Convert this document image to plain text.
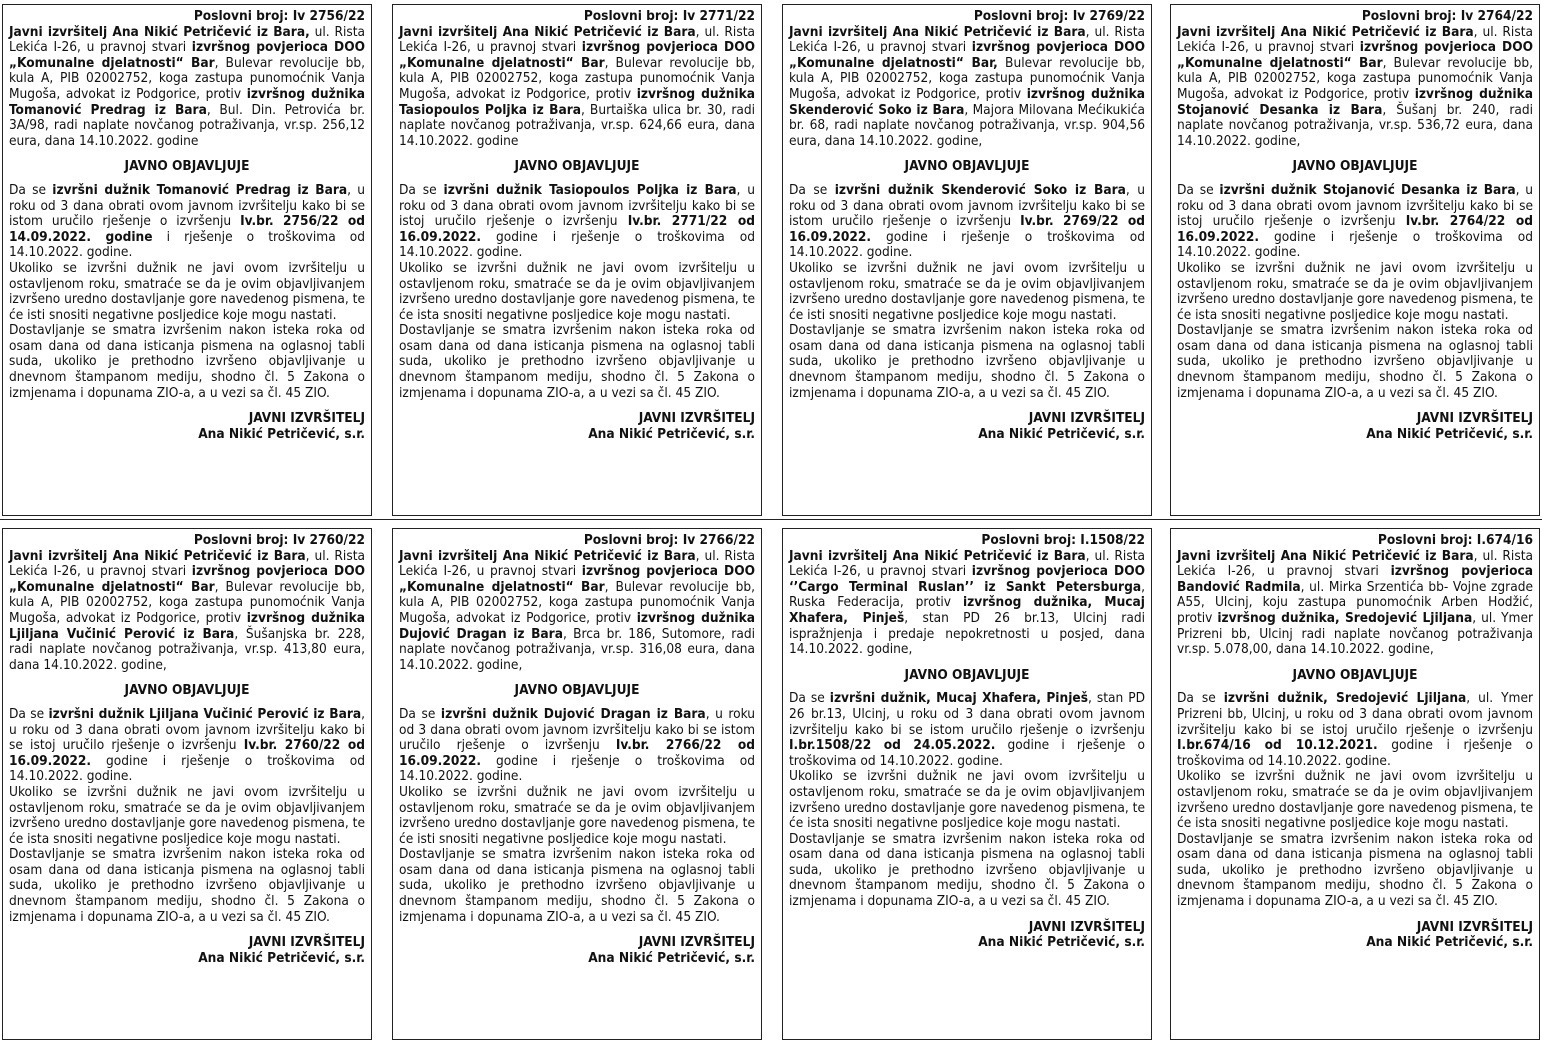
Poslovni broj: Iv 2756/22
Javni izvršitelj Ana Nikić Petričević iz Bara, ul. Rista Lekića I-26, u pravnoj stvari izvršnog povjerioca DOO „Komunalne djelatnosti“ Bar, Bulevar revolucije bb, kula A, PIB 02002752, koga zastupa punomoćnik Vanja Mugoša, advokat iz Podgorice, protiv izvršnog dužnika Tomanović Predrag iz Bara, Bul. Din. Petrovića br. 3A/98, radi naplate novčanog potraživanja, vr.sp. 256,12 eura, dana 14.10.2022. godine
JAVNO OBJAVLJUJE
Da se izvršni dužnik Tomanović Predrag iz Bara, u roku od 3 dana obrati ovom javnom izvršitelju kako bi se istom uručilo rješenje o izvršenju Iv.br. 2756/22 od 14.09.2022. godine i rješenje o troškovima od 14.10.2022. godine.
Ukoliko se izvršni dužnik ne javi ovom izvršitelju u ostavljenom roku, smatraće se da je ovim objavljivanjem izvršeno uredno dostavljanje gore navedenog pismena, te će isti snositi negativne posljedice koje mogu nastati.
Dostavljanje se smatra izvršenim nakon isteka roka od osam dana od dana isticanja pismena na oglasnoj tabli suda, ukoliko je prethodno izvršeno objavljivanje u dnevnom štampanom mediju, shodno čl. 5 Zakona o izmjenama i dopunama ZIO-a, a u vezi sa čl. 45 ZIO.
JAVNI IZVRŠITELJ
Ana Nikić Petričević, s.r.
Poslovni broj: Iv 2771/22
Javni izvršitelj Ana Nikić Petričević iz Bara, ul. Rista Lekića I-26, u pravnoj stvari izvršnog povjerioca DOO „Komunalne djelatnosti“ Bar, Bulevar revolucije bb, kula A, PIB 02002752, koga zastupa punomoćnik Vanja Mugoša, advokat iz Podgorice, protiv izvršnog dužnika Tasiopoulos Poljka iz Bara, Burtaiška ulica br. 30, radi naplate novčanog potraživanja, vr.sp. 624,66 eura, dana 14.10.2022. godine
JAVNO OBJAVLJUJE
Da se izvršni dužnik Tasiopoulos Poljka iz Bara, u roku od 3 dana obrati ovom javnom izvršitelju kako bi se istoj uručilo rješenje o izvršenju Iv.br. 2771/22 od 16.09.2022. godine i rješenje o troškovima od 14.10.2022. godine.
Ukoliko se izvršni dužnik ne javi ovom izvršitelju u ostavljenom roku, smatraće se da je ovim objavljivanjem izvršeno uredno dostavljanje gore navedenog pismena, te će ista snositi negativne posljedice koje mogu nastati.
Dostavljanje se smatra izvršenim nakon isteka roka od osam dana od dana isticanja pismena na oglasnoj tabli suda, ukoliko je prethodno izvršeno objavljivanje u dnevnom štampanom mediju, shodno čl. 5 Zakona o izmjenama i dopunama ZIO-a, a u vezi sa čl. 45 ZIO.
JAVNI IZVRŠITELJ
Ana Nikić Petričević, s.r.
Poslovni broj: Iv 2769/22
Javni izvršitelj Ana Nikić Petričević iz Bara, ul. Rista Lekića I-26, u pravnoj stvari izvršnog povjerioca DOO „Komunalne djelatnosti“ Bar, Bulevar revolucije bb, kula A, PIB 02002752, koga zastupa punomoćnik Vanja Mugoša, advokat iz Podgorice, protiv izvršnog dužnika Skenderović Soko iz Bara, Majora Milovana Mećikukića br. 68, radi naplate novčanog potraživanja, vr.sp. 904,56 eura, dana 14.10.2022. godine,
JAVNO OBJAVLJUJE
Da se izvršni dužnik Skenderović Soko iz Bara, u roku od 3 dana obrati ovom javnom izvršitelju kako bi se istom uručilo rješenje o izvršenju Iv.br. 2769/22 od 16.09.2022. godine i rješenje o troškovima od 14.10.2022. godine.
Ukoliko se izvršni dužnik ne javi ovom izvršitelju u ostavljenom roku, smatraće se da je ovim objavljivanjem izvršeno uredno dostavljanje gore navedenog pismena, te će isti snositi negativne posljedice koje mogu nastati.
Dostavljanje se smatra izvršenim nakon isteka roka od osam dana od dana isticanja pismena na oglasnoj tabli suda, ukoliko je prethodno izvršeno objavljivanje u dnevnom štampanom mediju, shodno čl. 5 Zakona o izmjenama i dopunama ZIO-a, a u vezi sa čl. 45 ZIO.
JAVNI IZVRŠITELJ
Ana Nikić Petričević, s.r.
Poslovni broj: Iv 2764/22
Javni izvršitelj Ana Nikić Petričević iz Bara, ul. Rista Lekića I-26, u pravnoj stvari izvršnog povjerioca DOO „Komunalne djelatnosti“ Bar, Bulevar revolucije bb, kula A, PIB 02002752, koga zastupa punomoćnik Vanja Mugoša, advokat iz Podgorice, protiv izvršnog dužnika Stojanović Desanka iz Bara, Šušanj br. 240, radi naplate novčanog potraživanja, vr.sp. 536,72 eura, dana 14.10.2022. godine,
JAVNO OBJAVLJUJE
Da se izvršni dužnik Stojanović Desanka iz Bara, u roku od 3 dana obrati ovom javnom izvršitelju kako bi se istoj uručilo rješenje o izvršenju Iv.br. 2764/22 od 16.09.2022. godine i rješenje o troškovima od 14.10.2022. godine.
Ukoliko se izvršni dužnik ne javi ovom izvršitelju u ostavljenom roku, smatraće se da je ovim objavljivanjem izvršeno uredno dostavljanje gore navedenog pismena, te će ista snositi negativne posljedice koje mogu nastati.
Dostavljanje se smatra izvršenim nakon isteka roka od osam dana od dana isticanja pismena na oglasnoj tabli suda, ukoliko je prethodno izvršeno objavljivanje u dnevnom štampanom mediju, shodno čl. 5 Zakona o izmjenama i dopunama ZIO-a, a u vezi sa čl. 45 ZIO.
JAVNI IZVRŠITELJ
Ana Nikić Petričević, s.r.
Poslovni broj: Iv 2760/22
Javni izvršitelj Ana Nikić Petričević iz Bara, ul. Rista Lekića I-26, u pravnoj stvari izvršnog povjerioca DOO „Komunalne djelatnosti“ Bar, Bulevar revolucije bb, kula A, PIB 02002752, koga zastupa punomoćnik Vanja Mugoša, advokat iz Podgorice, protiv izvršnog dužnika Ljiljana Vučinić Perović iz Bara, Šušanjska br. 228, radi naplate novčanog potraživanja, vr.sp. 413,80 eura, dana 14.10.2022. godine,
JAVNO OBJAVLJUJE
Da se izvršni dužnik Ljiljana Vučinić Perović iz Bara, u roku od 3 dana obrati ovom javnom izvršitelju kako bi se istoj uručilo rješenje o izvršenju Iv.br. 2760/22 od 16.09.2022. godine i rješenje o troškovima od 14.10.2022. godine.
Ukoliko se izvršni dužnik ne javi ovom izvršitelju u ostavljenom roku, smatraće se da je ovim objavljivanjem izvršeno uredno dostavljanje gore navedenog pismena, te će ista snositi negativne posljedice koje mogu nastati.
Dostavljanje se smatra izvršenim nakon isteka roka od osam dana od dana isticanja pismena na oglasnoj tabli suda, ukoliko je prethodno izvršeno objavljivanje u dnevnom štampanom mediju, shodno čl. 5 Zakona o izmjenama i dopunama ZIO-a, a u vezi sa čl. 45 ZIO.
JAVNI IZVRŠITELJ
Ana Nikić Petričević, s.r.
Poslovni broj: Iv 2766/22
Javni izvršitelj Ana Nikić Petričević iz Bara, ul. Rista Lekića I-26, u pravnoj stvari izvršnog povjerioca DOO „Komunalne djelatnosti“ Bar, Bulevar revolucije bb, kula A, PIB 02002752, koga zastupa punomoćnik Vanja Mugoša, advokat iz Podgorice, protiv izvršnog dužnika Dujović Dragan iz Bara, Brca br. 186, Sutomore, radi naplate novčanog potraživanja, vr.sp. 316,08 eura, dana 14.10.2022. godine,
JAVNO OBJAVLJUJE
Da se izvršni dužnik Dujović Dragan iz Bara, u roku od 3 dana obrati ovom javnom izvršitelju kako bi se istom uručilo rješenje o izvršenju Iv.br. 2766/22 od 16.09.2022. godine i rješenje o troškovima od 14.10.2022. godine.
Ukoliko se izvršni dužnik ne javi ovom izvršitelju u ostavljenom roku, smatraće se da je ovim objavljivanjem izvršeno uredno dostavljanje gore navedenog pismena, te će isti snositi negativne posljedice koje mogu nastati.
Dostavljanje se smatra izvršenim nakon isteka roka od osam dana od dana isticanja pismena na oglasnoj tabli suda, ukoliko je prethodno izvršeno objavljivanje u dnevnom štampanom mediju, shodno čl. 5 Zakona o izmjenama i dopunama ZIO-a, a u vezi sa čl. 45 ZIO.
JAVNI IZVRŠITELJ
Ana Nikić Petričević, s.r.
Poslovni broj: I.1508/22
Javni izvršitelj Ana Nikić Petričević iz Bara, ul. Rista Lekića I-26, u pravnoj stvari izvršnog povjerioca DOO ‘’Cargo Terminal Ruslan’’ iz Sankt Petersburga, Ruska Federacija, protiv izvršnog dužnika, Mucaj Xhafera, Pinješ, stan PD 26 br.13, Ulcinj radi ispražnjenja i predaje nepokretnosti u posjed, dana 14.10.2022. godine,
JAVNO OBJAVLJUJE
Da se izvršni dužnik, Mucaj Xhafera, Pinješ, stan PD 26 br.13, Ulcinj, u roku od 3 dana obrati ovom javnom izvršitelju kako bi se istom uručilo rješenje o izvršenju I.br.1508/22 od 24.05.2022. godine i rješenje o troškovima od 14.10.2022. godine.
Ukoliko se izvršni dužnik ne javi ovom izvršitelju u ostavljenom roku, smatraće se da je ovim objavljivanjem izvršeno uredno dostavljanje gore navedenog pismena, te će ista snositi negativne posljedice koje mogu nastati.
Dostavljanje se smatra izvršenim nakon isteka roka od osam dana od dana isticanja pismena na oglasnoj tabli suda, ukoliko je prethodno izvršeno objavljivanje u dnevnom štampanom mediju, shodno čl. 5 Zakona o izmjenama i dopunama ZIO-a, a u vezi sa čl. 45 ZIO.
JAVNI IZVRŠITELJ
Ana Nikić Petričević, s.r.
Poslovni broj: I.674/16
Javni izvršitelj Ana Nikić Petričević iz Bara, ul. Rista Lekića I-26, u pravnoj stvari izvršnog povjerioca Bandović Radmila, ul. Mirka Srzentića bb- Vojne zgrade A55, Ulcinj, koju zastupa punomoćnik Arben Hodžić, protiv izvršnog dužnika, Sredojević Ljiljana, ul. Ymer Prizreni bb, Ulcinj radi naplate novčanog potraživanja vr.sp. 5.078,00, dana 14.10.2022. godine,
JAVNO OBJAVLJUJE
Da se izvršni dužnik, Sredojević Ljiljana, ul. Ymer Prizreni bb, Ulcinj, u roku od 3 dana obrati ovom javnom izvršitelju kako bi se istoj uručilo rješenje o izvršenju I.br.674/16 od 10.12.2021. godine i rješenje o troškovima od 14.10.2022. godine.
Ukoliko se izvršni dužnik ne javi ovom izvršitelju u ostavljenom roku, smatraće se da je ovim objavljivanjem izvršeno uredno dostavljanje gore navedenog pismena, te će ista snositi negativne posljedice koje mogu nastati.
Dostavljanje se smatra izvršenim nakon isteka roka od osam dana od dana isticanja pismena na oglasnoj tabli suda, ukoliko je prethodno izvršeno objavljivanje u dnevnom štampanom mediju, shodno čl. 5 Zakona o izmjenama i dopunama ZIO-a, a u vezi sa čl. 45 ZIO.
JAVNI IZVRŠITELJ
Ana Nikić Petričević, s.r.
